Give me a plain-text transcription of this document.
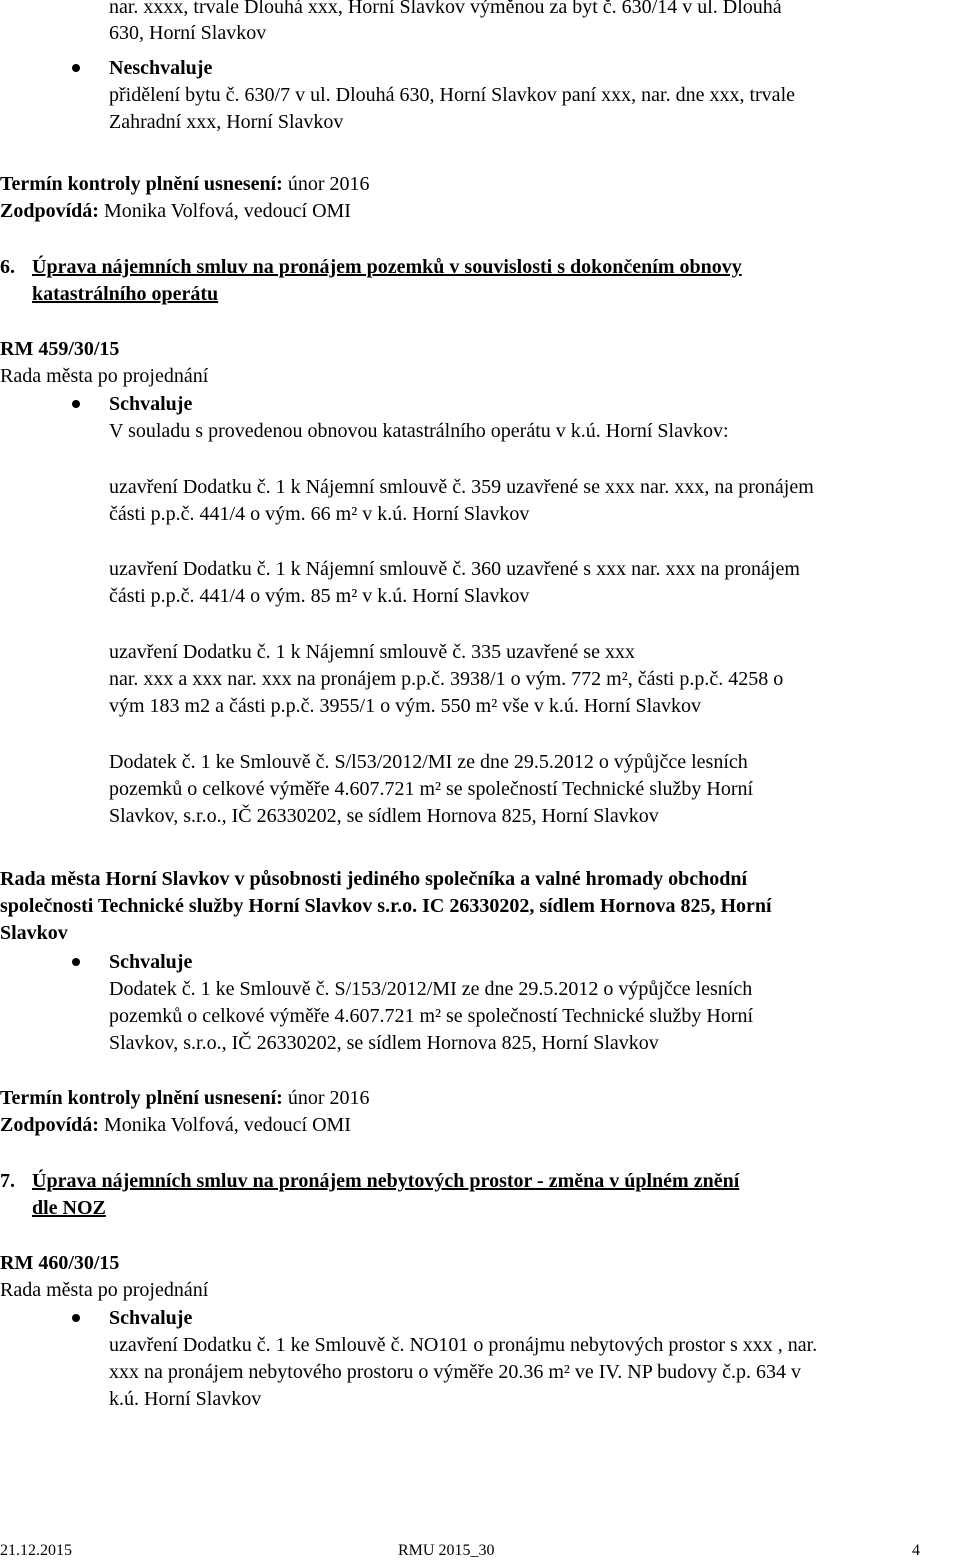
nar. xxxx, trvale Dlouhá xxx, Horní Slavkov výměnou za byt č. 630/14 v ul. Dlouhá
630, Horní Slavkov
Neschvaluje
přidělení bytu č. 630/7 v ul. Dlouhá 630, Horní Slavkov paní xxx, nar. dne xxx, trvale
Zahradní xxx, Horní Slavkov
Termín kontroly plnění usnesení: únor 2016
Zodpovídá: Monika Volfová, vedoucí OMI
6. Úprava nájemních smluv na pronájem pozemků v souvislosti s dokončením obnovy
katastrálního operátu
RM 459/30/15
Rada města po projednání
Schvaluje
V souladu s provedenou obnovou katastrálního operátu v k.ú. Horní Slavkov:
uzavření Dodatku č. 1 k Nájemní smlouvě č. 359 uzavřené se xxx nar. xxx, na pronájem
části p.p.č. 441/4 o vým. 66 m² v k.ú. Horní Slavkov
uzavření Dodatku č. 1 k Nájemní smlouvě č. 360 uzavřené s xxx nar. xxx na pronájem
části p.p.č. 441/4 o vým. 85 m² v k.ú. Horní Slavkov
uzavření Dodatku č. 1 k Nájemní smlouvě č. 335 uzavřené se xxx
nar. xxx a xxx nar. xxx na pronájem p.p.č. 3938/1 o vým. 772 m², části p.p.č. 4258 o
vým 183 m2 a části p.p.č. 3955/1 o vým. 550 m² vše v k.ú. Horní Slavkov
Dodatek č. 1 ke Smlouvě č. S/l53/2012/MI ze dne 29.5.2012 o výpůjčce lesních
pozemků o celkové výměře 4.607.721 m² se společností Technické služby Horní
Slavkov, s.r.o., IČ 26330202, se sídlem Hornova 825, Horní Slavkov
Rada města Horní Slavkov v působnosti jediného společníka a valné hromady obchodní
společnosti Technické služby Horní Slavkov s.r.o. IC 26330202, sídlem Hornova 825, Horní
Slavkov
Schvaluje
Dodatek č. 1 ke Smlouvě č. S/153/2012/MI ze dne 29.5.2012 o výpůjčce lesních
pozemků o celkové výměře 4.607.721 m² se společností Technické služby Horní
Slavkov, s.r.o., IČ 26330202, se sídlem Hornova 825, Horní Slavkov
Termín kontroly plnění usnesení: únor 2016
Zodpovídá: Monika Volfová, vedoucí OMI
7. Úprava nájemních smluv na pronájem nebytových prostor - změna v úplném znění
dle NOZ
RM 460/30/15
Rada města po projednání
Schvaluje
uzavření Dodatku č. 1 ke Smlouvě č. NO101 o pronájmu nebytových prostor s xxx , nar.
xxx na pronájem nebytového prostoru o výměře 20.36 m² ve IV. NP budovy č.p. 634 v
k.ú. Horní Slavkov
21.12.2015	RMU 2015_30	4
